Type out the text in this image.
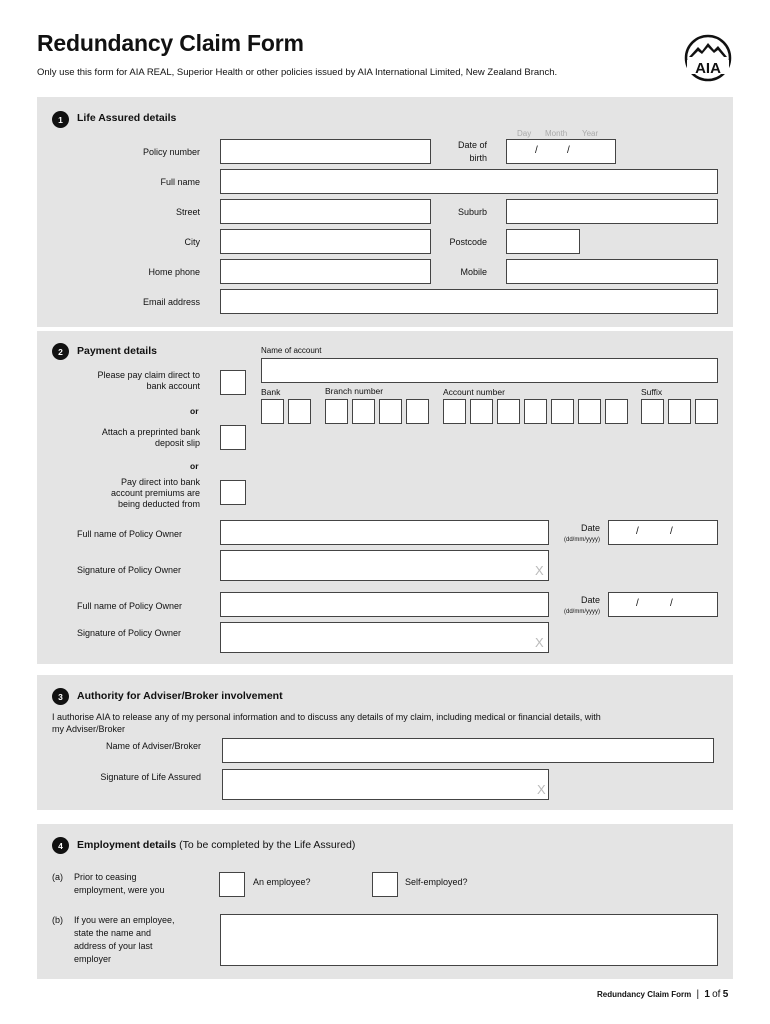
Redundancy Claim Form
Only use this form for AIA REAL, Superior Health or other policies issued by AIA International Limited, New Zealand Branch.	AIA
1	Life Assured details
Policy number
Date of
birth
Day Month Year
/	/
Full name
Street	Suburb
City	Postcode
Home phone	Mobile
Email address
2	Payment details	Name of account
Please pay claim direct to
bank account
Bank	Branch number	Account number	Suffix
or
Attach a preprinted bank
deposit slip
or
Pay direct into bank
account premiums are
being deducted from
Full name of Policy Owner
Date
(dd/mm/yyyy)
/	/
Signature of Policy Owner	X
Full name of Policy Owner
Date
(dd/mm/yyyy)
/	/
Signature of Policy Owner
X
3	Authority for Adviser/Broker involvement
I authorise AIA to release any of my personal information and to discuss any details of my claim, including medical or financial details, with
my Adviser/Broker
Name of Adviser/Broker
Signature of Life Assured
X
4	Employment details (To be completed by the Life Assured)
(a) Prior to ceasing
employment, were you
An employee?	Self-employed?
(b) If you were an employee,
state the name and
address of your last
employer
Redundancy Claim Form | 1 of 5
